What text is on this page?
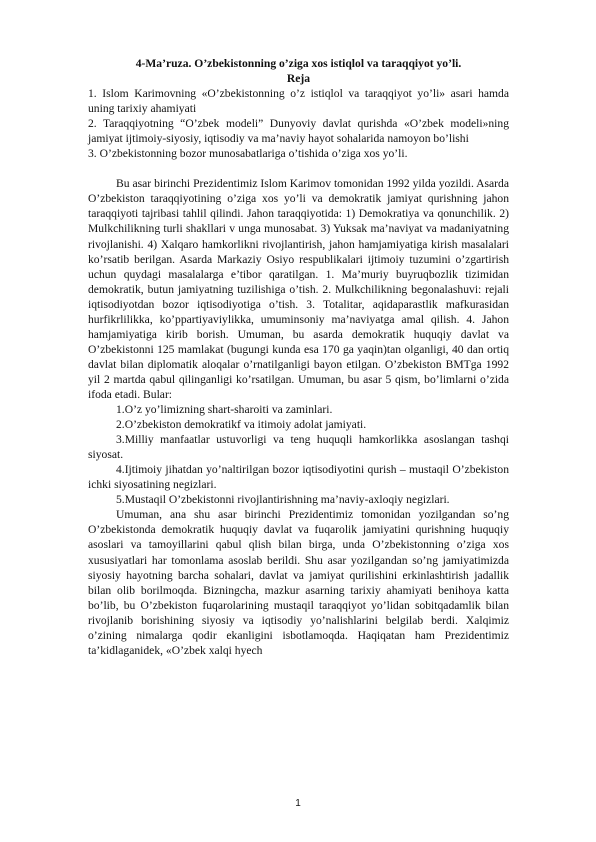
4-Ma’ruza. O’zbekistonning o’ziga xos istiqlol va taraqqiyot yo’li.

Reja

1. Islom Karimovning «O’zbekistonning o’z istiqlol va taraqqiyot yo’li» asari hamda uning tarixiy ahamiyati

2. Taraqqiyotning “O’zbek modeli” Dunyoviy davlat qurishda «O’zbek modeli»ning jamiyat ijtimoiy-siyosiy, iqtisodiy va ma’naviy hayot sohalarida namoyon bo’lishi

3. O’zbekistonning bozor munosabatlariga o’tishida o’ziga xos yo’li.

Bu asar birinchi Prezidentimiz Islom Karimov tomonidan 1992 yilda yozildi. Asarda O’zbekiston taraqqiyotining o’ziga xos yo’li va demokratik jamiyat qurishning jahon taraqqiyoti tajribasi tahlil qilindi. Jahon taraqqiyotida: 1) Demokratiya va qonunchilik. 2) Mulkchilikning turli shakllari v unga munosabat. 3) Yuksak ma’naviyat va madaniyatning rivojlanishi. 4) Xalqaro hamkorlikni rivojlantirish, jahon hamjamiyatiga kirish masalalari ko’rsatib berilgan. Asarda Markaziy Osiyo respublikalari ijtimoiy tuzumini o’zgartirish uchun quydagi masalalarga e’tibor qaratilgan. 1. Ma’muriy buyruqbozlik tizimidan demokratik, butun jamiyatning tuzilishiga o’tish. 2. Mulkchilikning begonalashuvi: rejali iqtisodiyotdan bozor iqtisodiyotiga o’tish. 3. Totalitar, aqidaparastlik mafkurasidan hurfikrlilikka, ko’ppartiyaviylikka, umuminsoniy ma’naviyatga amal qilish. 4. Jahon hamjamiyatiga kirib borish. Umuman, bu asarda demokratik huquqiy davlat va O’zbekistonni 125 mamlakat (bugungi kunda esa 170 ga yaqin)tan olganligi, 40 dan ortiq davlat bilan diplomatik aloqalar o’rnatilganligi bayon etilgan. O’zbekiston BMTga 1992 yil 2 martda qabul qilinganligi ko’rsatilgan. Umuman, bu asar 5 qism, bo’limlarni o’zida ifoda etadi. Bular:

1.O’z yo’limizning shart-sharoiti va zaminlari.

2.O’zbekiston demokratikf va itimoiy adolat jamiyati.

3.Milliy manfaatlar ustuvorligi va teng huquqli hamkorlikka asoslangan tashqi siyosat.

4.Ijtimoiy jihatdan yo’naltirilgan bozor iqtisodiyotini qurish – mustaqil O’zbekiston ichki siyosatining negizlari.

5.Mustaqil O’zbekistonni rivojlantirishning ma’naviy-axloqiy negizlari.

Umuman, ana shu asar birinchi Prezidentimiz tomonidan yozilgandan so’ng O’zbekistonda demokratik huquqiy davlat va fuqarolik jamiyatini qurishning huquqiy asoslari va tamoyillarini qabul qlish bilan birga, unda O’zbekistonning o’ziga xos xususiyatlari har tomonlama asoslab berildi. Shu asar yozilgandan so’ng jamiyatimizda siyosiy hayotning barcha sohalari, davlat va jamiyat qurilishini erkinlashtirish jadallik bilan olib borilmoqda. Bizningcha, mazkur asarning tarixiy ahamiyati benihoya katta bo’lib, bu O’zbekiston fuqarolarining mustaqil taraqqiyot yo’lidan sobitqadamlik bilan rivojlanib borishining siyosiy va iqtisodiy yo’nalishlarini belgilab berdi. Xalqimiz o’zining nimalarga qodir ekanligini isbotlamoqda. Haqiqatan ham Prezidentimiz ta’kidlaganidek, «O’zbek xalqi hyech

1
